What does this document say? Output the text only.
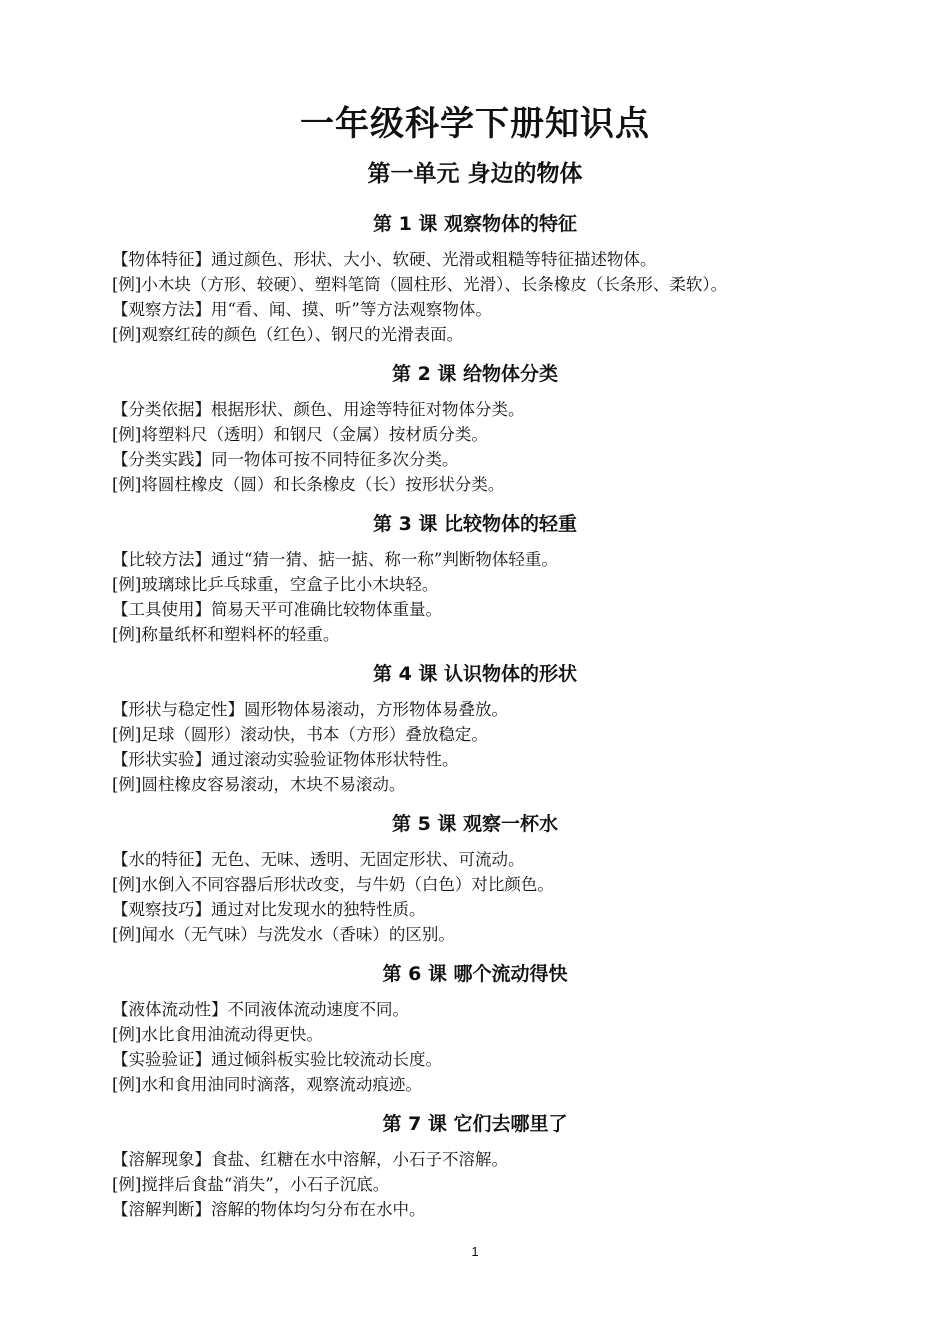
一年级科学下册知识点
第一单元 身边的物体
第 1 课 观察物体的特征
【物体特征】通过颜色、形状、大小、软硬、光滑或粗糙等特征描述物体。
[例]小木块（方形、较硬）、塑料笔筒（圆柱形、光滑）、长条橡皮（长条形、柔软）。
【观察方法】用“看、闻、摸、听”等方法观察物体。
[例]观察红砖的颜色（红色）、钢尺的光滑表面。
第 2 课 给物体分类
【分类依据】根据形状、颜色、用途等特征对物体分类。
[例]将塑料尺（透明）和钢尺（金属）按材质分类。
【分类实践】同一物体可按不同特征多次分类。
[例]将圆柱橡皮（圆）和长条橡皮（长）按形状分类。
第 3 课 比较物体的轻重
【比较方法】通过“猜一猜、掂一掂、称一称”判断物体轻重。
[例]玻璃球比乒乓球重，空盒子比小木块轻。
【工具使用】简易天平可准确比较物体重量。
[例]称量纸杯和塑料杯的轻重。
第 4 课 认识物体的形状
【形状与稳定性】圆形物体易滚动，方形物体易叠放。
[例]足球（圆形）滚动快，书本（方形）叠放稳定。
【形状实验】通过滚动实验验证物体形状特性。
[例]圆柱橡皮容易滚动，木块不易滚动。
第 5 课 观察一杯水
【水的特征】无色、无味、透明、无固定形状、可流动。
[例]水倒入不同容器后形状改变，与牛奶（白色）对比颜色。
【观察技巧】通过对比发现水的独特性质。
[例]闻水（无气味）与洗发水（香味）的区别。
第 6 课 哪个流动得快
【液体流动性】不同液体流动速度不同。
[例]水比食用油流动得更快。
【实验验证】通过倾斜板实验比较流动长度。
[例]水和食用油同时滴落，观察流动痕迹。
第 7 课 它们去哪里了
【溶解现象】食盐、红糖在水中溶解，小石子不溶解。
[例]搅拌后食盐“消失”，小石子沉底。
【溶解判断】溶解的物体均匀分布在水中。
1
